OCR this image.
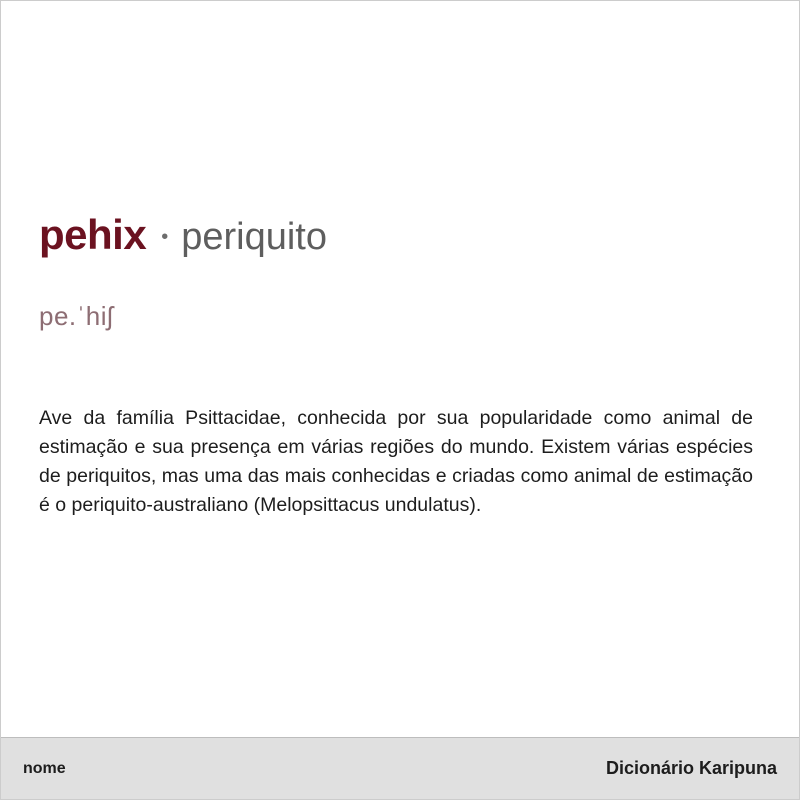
pehix • periquito
pe.ˈhiʃ
Ave da família Psittacidae, conhecida por sua popularidade como animal de estimação e sua presença em várias regiões do mundo. Existem várias espécies de periquitos, mas uma das mais conhecidas e criadas como animal de estimação é o periquito-australiano (Melopsittacus undulatus).
nome	Dicionário Karipuna
